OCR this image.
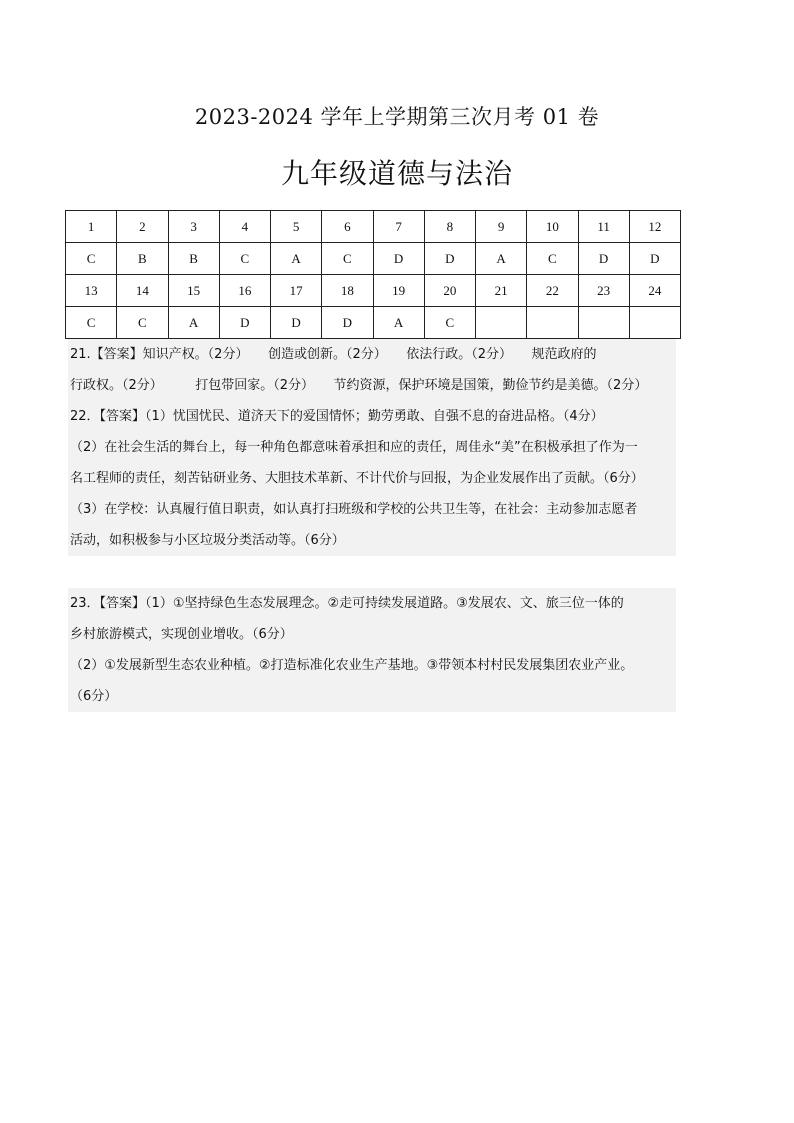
2023-2024 学年上学期第三次月考 01 卷
九年级道德与法治
1	2	3	4	5	6	7	8	9	10	11	12
C	B	B	C	A	C	D	D	A	C	D	D
13	14	15	16	17	18	19	20	21	22	23	24
C	C	A	D	D	D	A	C				
21.【答案】知识产权。（2分）　　创造或创新。（2分）　　依法行政。（2分）　　规范政府的
行政权。（2分）　　　打包带回家。（2分）　　节约资源，保护环境是国策，勤俭节约是美德。（2分）
22．【答案】（1）忧国忧民、道济天下的爱国情怀；勤劳勇敢、自强不息的奋进品格。（4分）
（2）在社会生活的舞台上，每一种角色都意味着承担和应的责任，周佳永“美”在积极承担了作为一
名工程师的责任，刻苦钻研业务、大胆技术革新、不计代价与回报，为企业发展作出了贡献。（6分）
（3）在学校：认真履行值日职责，如认真打扫班级和学校的公共卫生等，在社会：主动参加志愿者
活动，如积极参与小区垃圾分类活动等。（6分）
23．【答案】（1）①坚持绿色生态发展理念。②走可持续发展道路。③发展农、文、旅三位一体的
乡村旅游模式，实现创业增收。（6分）
（2）①发展新型生态农业种植。②打造标准化农业生产基地。③带领本村村民发展集团农业产业。
（6分）
